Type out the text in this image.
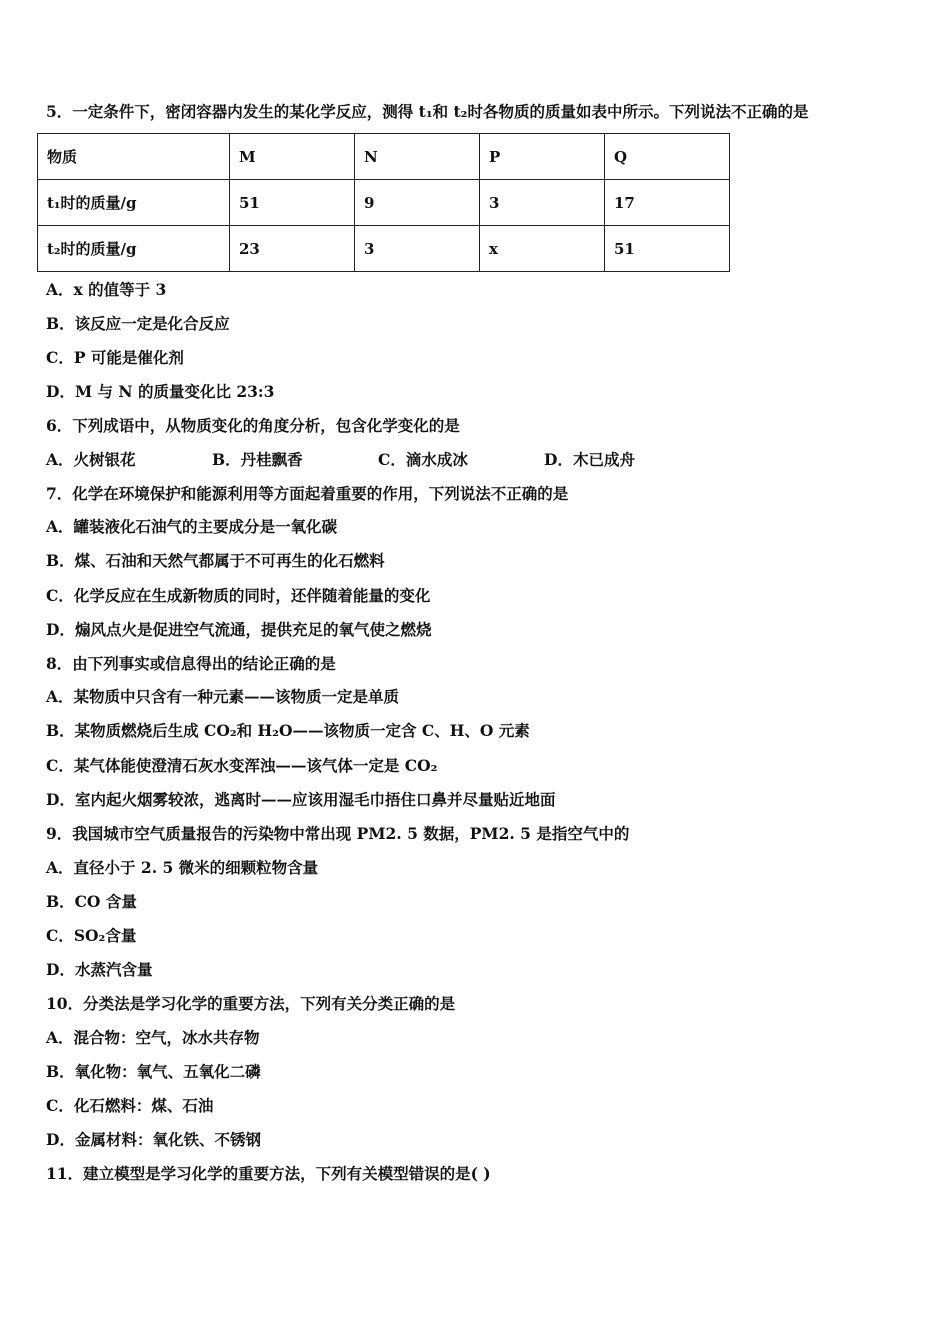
5．一定条件下，密闭容器内发生的某化学反应，测得 t₁和 t₂时各物质的质量如表中所示。下列说法不正确的是
物质	M	N	P	Q
t₁时的质量/g	51	9	3	17
t₂时的质量/g	23	3	x	51
A．x 的值等于 3
B．该反应一定是化合反应
C．P 可能是催化剂
D．M 与 N 的质量变化比 23:3
6．下列成语中，从物质变化的角度分析，包含化学变化的是
A．火树银花	B．丹桂飘香	C．滴水成冰	D．木已成舟
7．化学在环境保护和能源利用等方面起着重要的作用，下列说法不正确的是
A．罐装液化石油气的主要成分是一氧化碳
B．煤、石油和天然气都属于不可再生的化石燃料
C．化学反应在生成新物质的同时，还伴随着能量的变化
D．煽风点火是促进空气流通，提供充足的氧气使之燃烧
8．由下列事实或信息得出的结论正确的是
A．某物质中只含有一种元素——该物质一定是单质
B．某物质燃烧后生成 CO₂和 H₂O——该物质一定含 C、H、O 元素
C．某气体能使澄清石灰水变浑浊——该气体一定是 CO₂
D．室内起火烟雾较浓，逃离时——应该用湿毛巾捂住口鼻并尽量贴近地面
9．我国城市空气质量报告的污染物中常出现 PM2. 5 数据，PM2. 5 是指空气中的
A．直径小于 2. 5 微米的细颗粒物含量
B．CO 含量
C．SO₂含量
D．水蒸汽含量
10．分类法是学习化学的重要方法，下列有关分类正确的是
A．混合物：空气，冰水共存物
B．氧化物：氧气、五氧化二磷
C．化石燃料：煤、石油
D．金属材料：氧化铁、不锈钢
11．建立模型是学习化学的重要方法，下列有关模型错误的是( )
